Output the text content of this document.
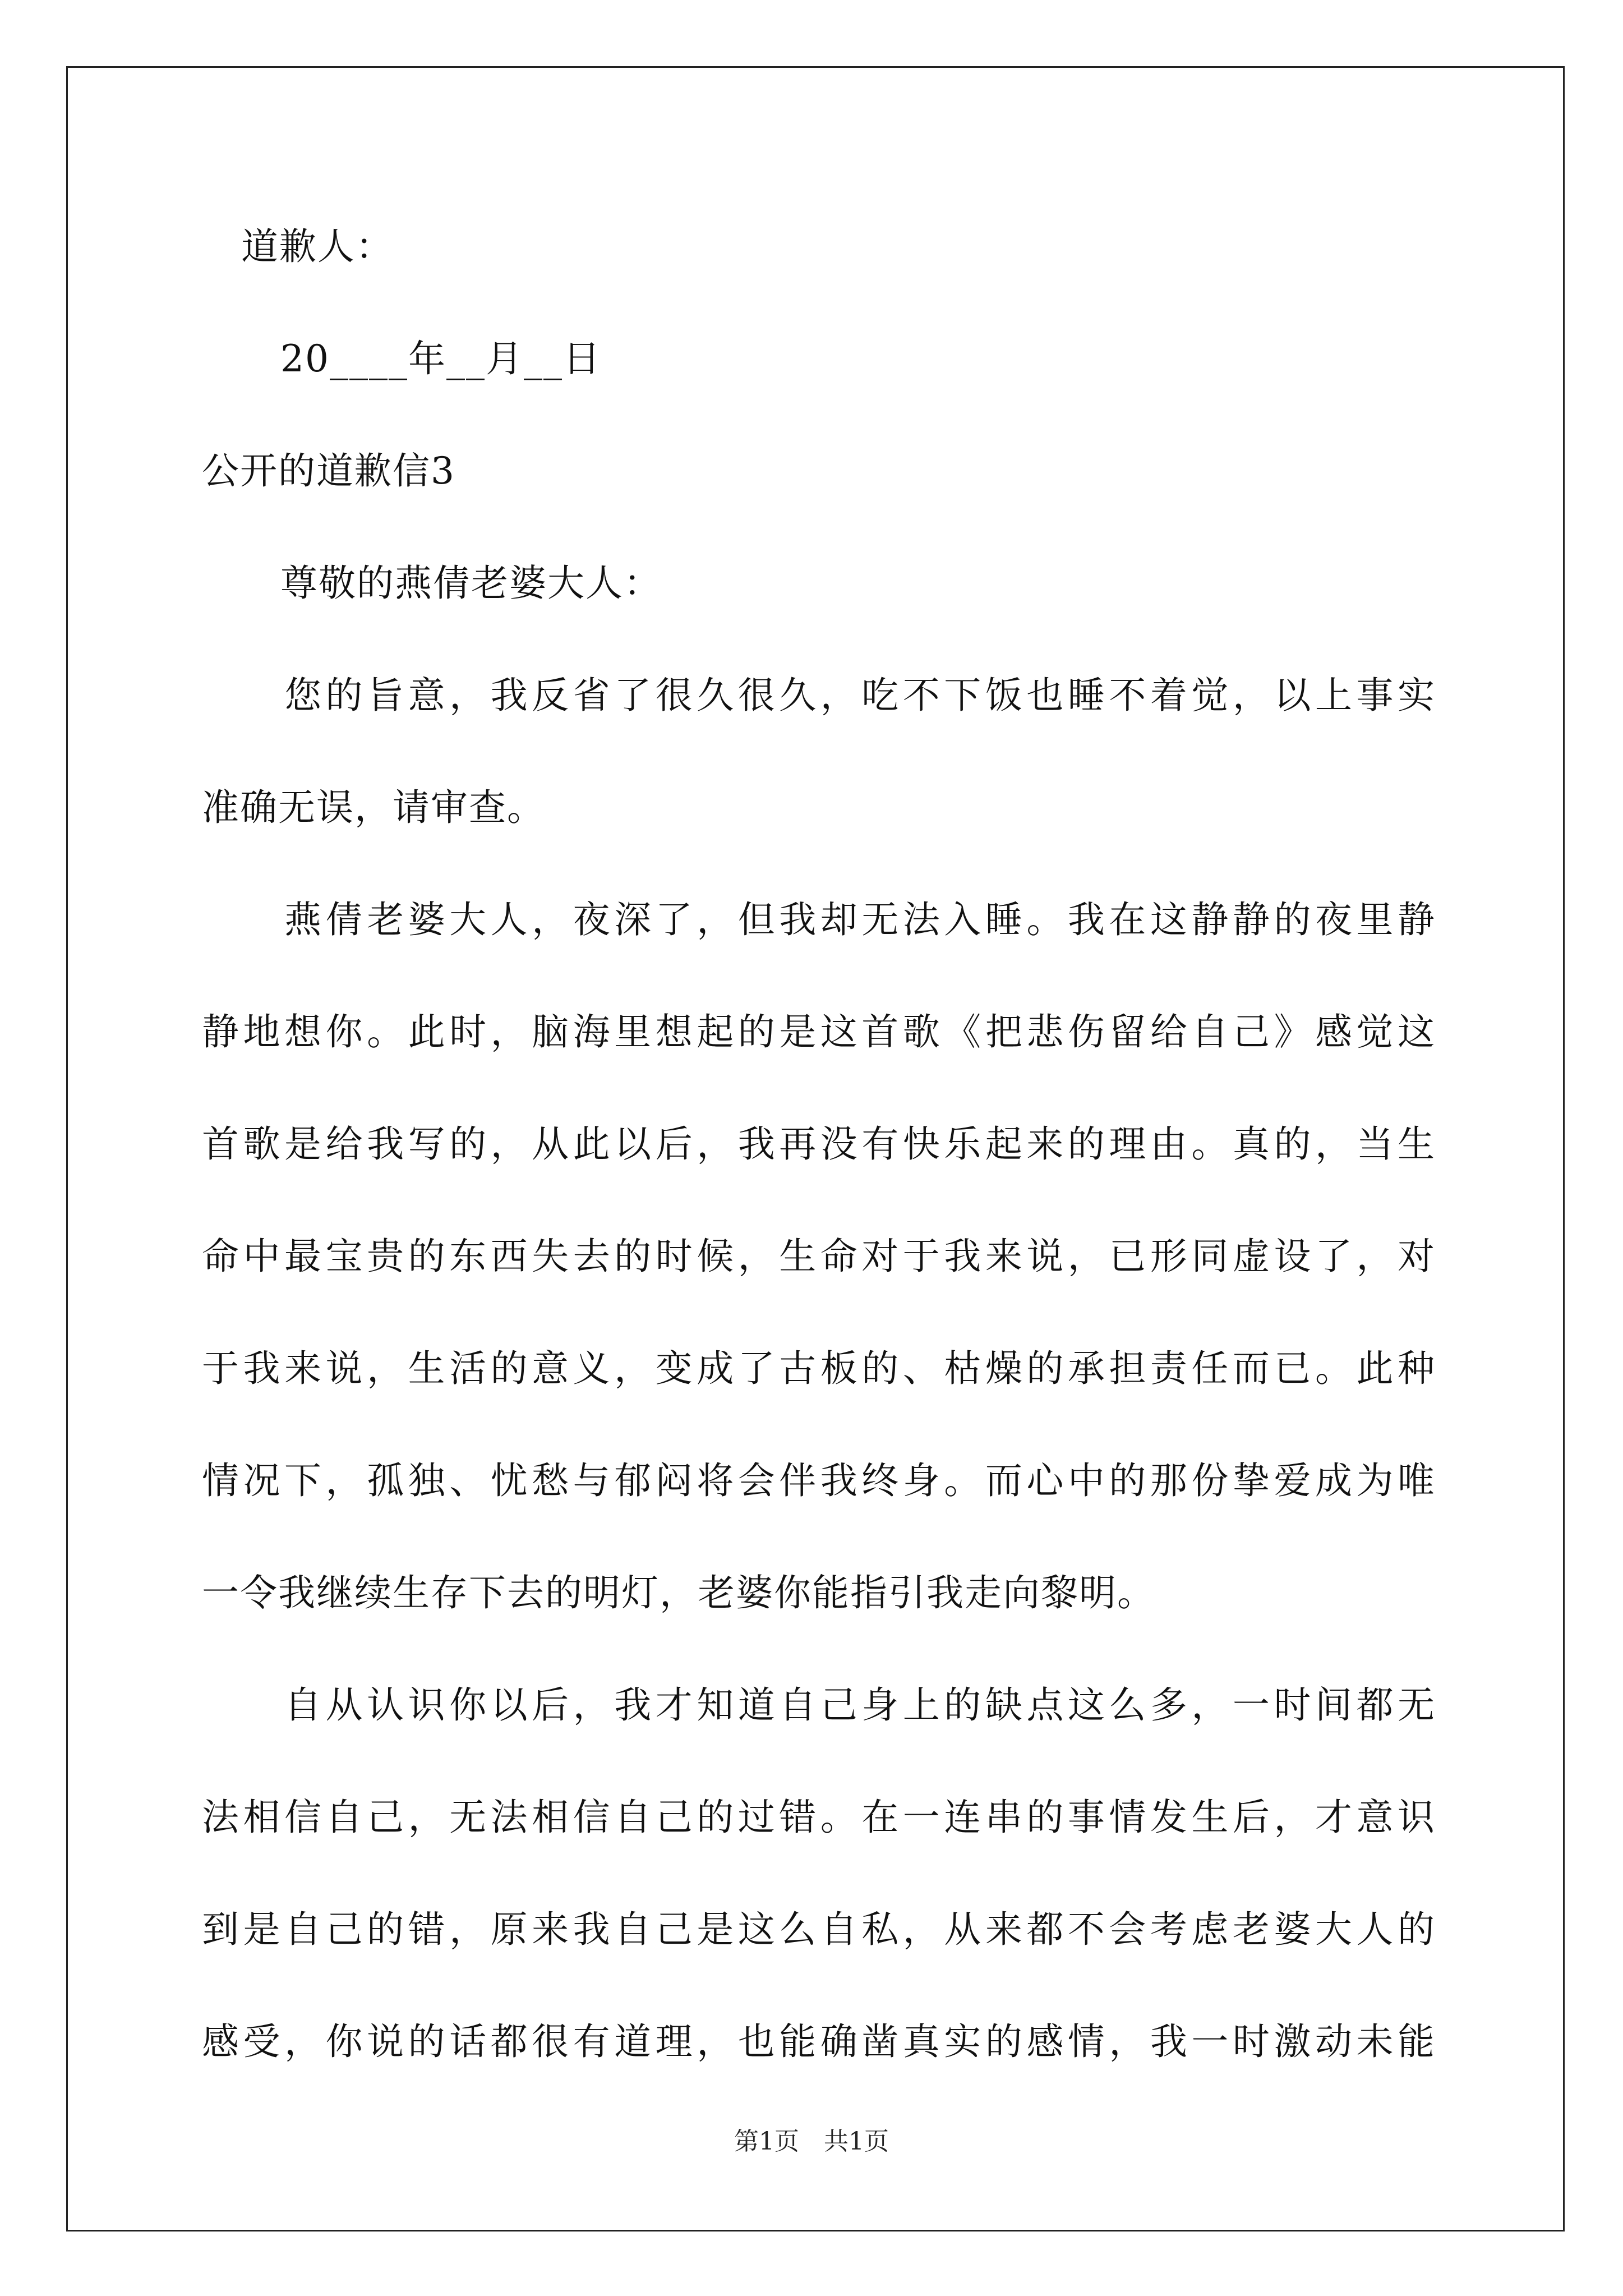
道歉人：
20____年__月__日
公开的道歉信3
尊敬的燕倩老婆大人：
　　您的旨意，我反省了很久很久，吃不下饭也睡不着觉，以上事实
准确无误，请审查。
　　燕倩老婆大人，夜深了，但我却无法入睡。我在这静静的夜里静
静地想你。此时，脑海里想起的是这首歌《把悲伤留给自己》感觉这
首歌是给我写的，从此以后，我再没有快乐起来的理由。真的，当生
命中最宝贵的东西失去的时候，生命对于我来说，已形同虚设了，对
于我来说，生活的意义，变成了古板的、枯燥的承担责任而已。此种
情况下，孤独、忧愁与郁闷将会伴我终身。而心中的那份挚爱成为唯
一令我继续生存下去的明灯，老婆你能指引我走向黎明。
　　自从认识你以后，我才知道自己身上的缺点这么多，一时间都无
法相信自己，无法相信自己的过错。在一连串的事情发生后，才意识
到是自己的错，原来我自己是这么自私，从来都不会考虑老婆大人的
感受，你说的话都很有道理，也能确凿真实的感情，我一时激动未能
第1页　共1页
